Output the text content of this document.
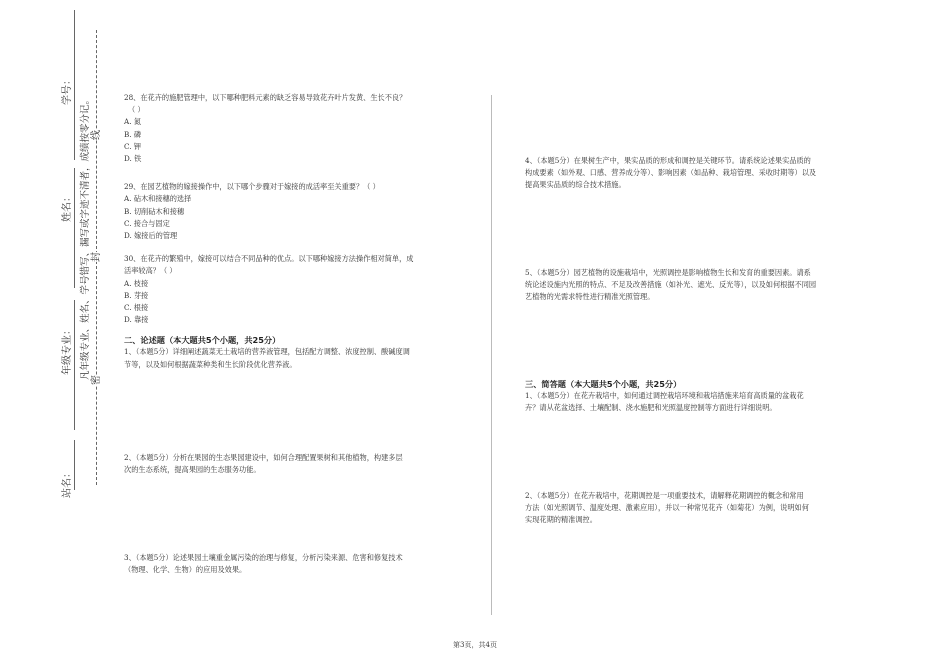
学号：
姓名：
年级专业：
站名：
凡年级专业、姓名、学号错写、漏写或字迹不清者，成绩按零分记。 线
封
密
28、在花卉的施肥管理中，以下哪种肥料元素的缺乏容易导致花卉叶片发黄、生长不良？
（ ）
A. 氮
B. 磷
C. 钾
D. 铁
29、在园艺植物的嫁接操作中，以下哪个步骤对于嫁接的成活率至关重要？（ ）
A. 砧木和接穗的选择
B. 切削砧木和接穗
C. 接合与固定
D. 嫁接后的管理
30、在花卉的繁殖中，嫁接可以结合不同品种的优点。以下哪种嫁接方法操作相对简单，成
活率较高？（ ）
A. 枝接
B. 芽接
C. 根接
D. 靠接
二、论述题（本大题共5个小题，共25分）
1、（本题5分）详细阐述蔬菜无土栽培的营养液管理，包括配方调整、浓度控制、酸碱度调
节等，以及如何根据蔬菜种类和生长阶段优化营养液。
2、（本题5分）分析在果园的生态果园建设中，如何合理配置果树和其他植物，构建多层
次的生态系统，提高果园的生态服务功能。
3、（本题5分）论述果园土壤重金属污染的治理与修复，分析污染来源、危害和修复技术
（物理、化学、生物）的应用及效果。
4、（本题5分）在果树生产中，果实品质的形成和调控是关键环节。请系统论述果实品质的
构成要素（如外观、口感、营养成分等）、影响因素（如品种、栽培管理、采收时期等）以及
提高果实品质的综合技术措施。
5、（本题5分）园艺植物的设施栽培中，光照调控是影响植物生长和发育的重要因素。请系
统论述设施内光照的特点、不足及改善措施（如补光、遮光、反光等），以及如何根据不同园
艺植物的光需求特性进行精准光照管理。
三、简答题（本大题共5个小题，共25分）
1、（本题5分）在花卉栽培中，如何通过调控栽培环境和栽培措施来培育高质量的盆栽花
卉？请从花盆选择、土壤配制、浇水施肥和光照温度控制等方面进行详细说明。
2、（本题5分）在花卉栽培中，花期调控是一项重要技术，请解释花期调控的概念和常用
方法（如光照调节、温度处理、激素应用），并以一种常见花卉（如菊花）为例，说明如何
实现花期的精准调控。
第3页，共4页
